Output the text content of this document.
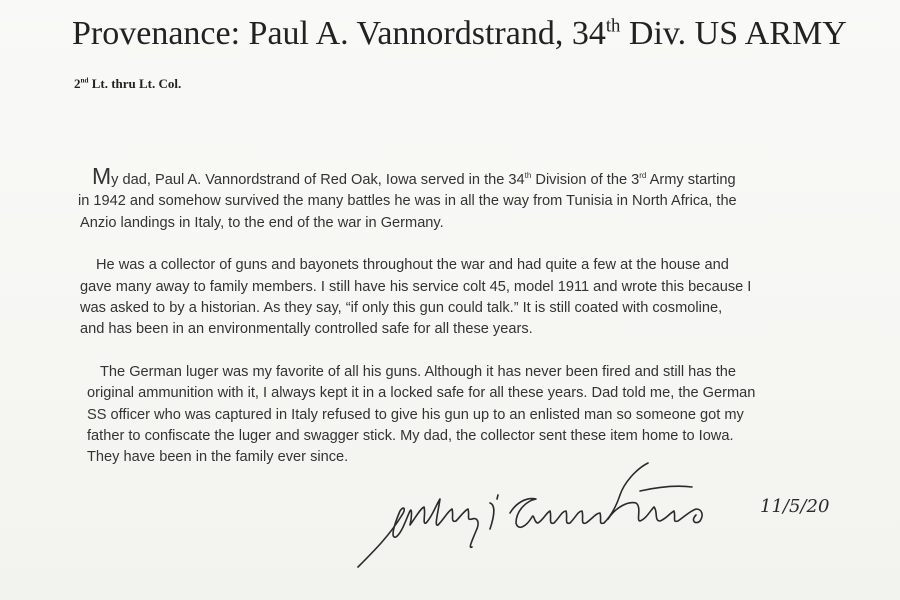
Provenance: Paul A. Vannordstrand, 34th Div. US ARMY
2nd Lt. thru Lt. Col.

My dad, Paul A. Vannordstrand of Red Oak, Iowa served in the 34th Division of the 3rd Army starting
in 1942 and somehow survived the many battles he was in all the way from Tunisia in North Africa, the
Anzio landings in Italy, to the end of the war in Germany.

He was a collector of guns and bayonets throughout the war and had quite a few at the house and
gave many away to family members. I still have his service colt 45, model 1911 and wrote this because I
was asked to by a historian. As they say, “if only this gun could talk.” It is still coated with cosmoline,
and has been in an environmentally controlled safe for all these years.

The German luger was my favorite of all his guns. Although it has never been fired and still has the
original ammunition with it, I always kept it in a locked safe for all these years. Dad told me, the German
SS officer who was captured in Italy refused to give his gun up to an enlisted man so someone got my
father to confiscate the luger and swagger stick. My dad, the collector sent these item home to Iowa.
They have been in the family ever since.

11/5/20
